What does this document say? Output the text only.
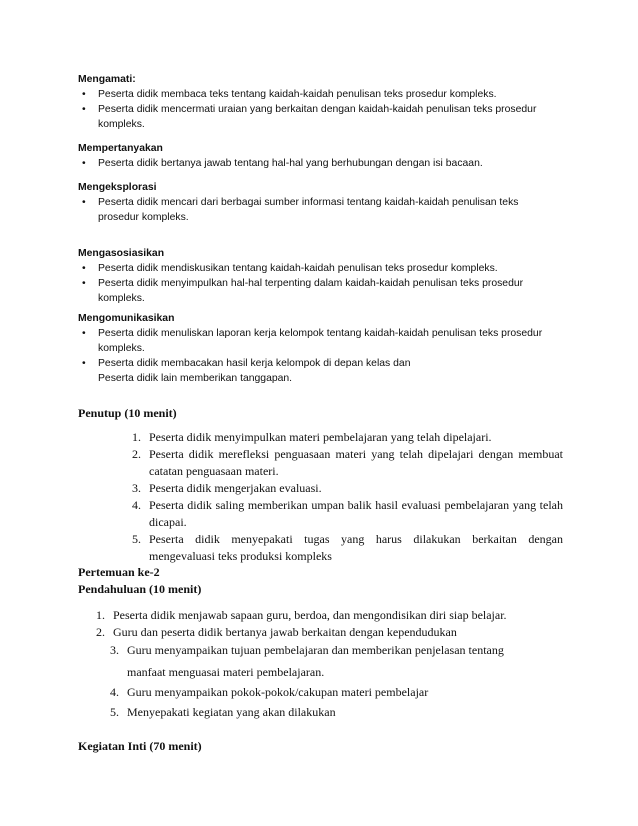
Mengamati:
• Peserta didik membaca teks tentang kaidah-kaidah penulisan teks prosedur kompleks.
• Peserta didik mencermati uraian yang berkaitan dengan kaidah-kaidah penulisan teks prosedur kompleks.
Mempertanyakan
• Peserta didik bertanya jawab tentang hal-hal yang berhubungan dengan isi bacaan.
Mengeksplorasi
• Peserta didik mencari dari berbagai sumber informasi tentang kaidah-kaidah penulisan teks prosedur kompleks.
Mengasosiasikan
• Peserta didik mendiskusikan tentang kaidah-kaidah penulisan teks prosedur kompleks.
• Peserta didik menyimpulkan hal-hal terpenting dalam kaidah-kaidah penulisan teks prosedur kompleks.
Mengomunikasikan
• Peserta didik menuliskan laporan kerja kelompok tentang kaidah-kaidah penulisan teks prosedur kompleks.
• Peserta didik membacakan hasil kerja kelompok di depan kelas dan
Peserta didik lain memberikan tanggapan.
Penutup (10 menit)
1. Peserta didik menyimpulkan materi pembelajaran yang telah dipelajari.
2. Peserta didik merefleksi penguasaan materi yang telah dipelajari dengan membuat catatan penguasaan materi.
3. Peserta didik mengerjakan evaluasi.
4. Peserta didik saling memberikan umpan balik hasil evaluasi pembelajaran yang telah dicapai.
5. Peserta didik menyepakati tugas yang harus dilakukan berkaitan dengan mengevaluasi teks produksi kompleks
Pertemuan ke-2
Pendahuluan (10 menit)
1. Peserta didik menjawab sapaan guru, berdoa, dan mengondisikan diri siap belajar.
2. Guru dan peserta didik bertanya jawab berkaitan dengan kependudukan
3. Guru menyampaikan tujuan pembelajaran dan memberikan penjelasan tentang
manfaat menguasai materi pembelajaran.
4. Guru menyampaikan pokok-pokok/cakupan materi pembelajar
5. Menyepakati kegiatan yang akan dilakukan
Kegiatan Inti (70 menit)
